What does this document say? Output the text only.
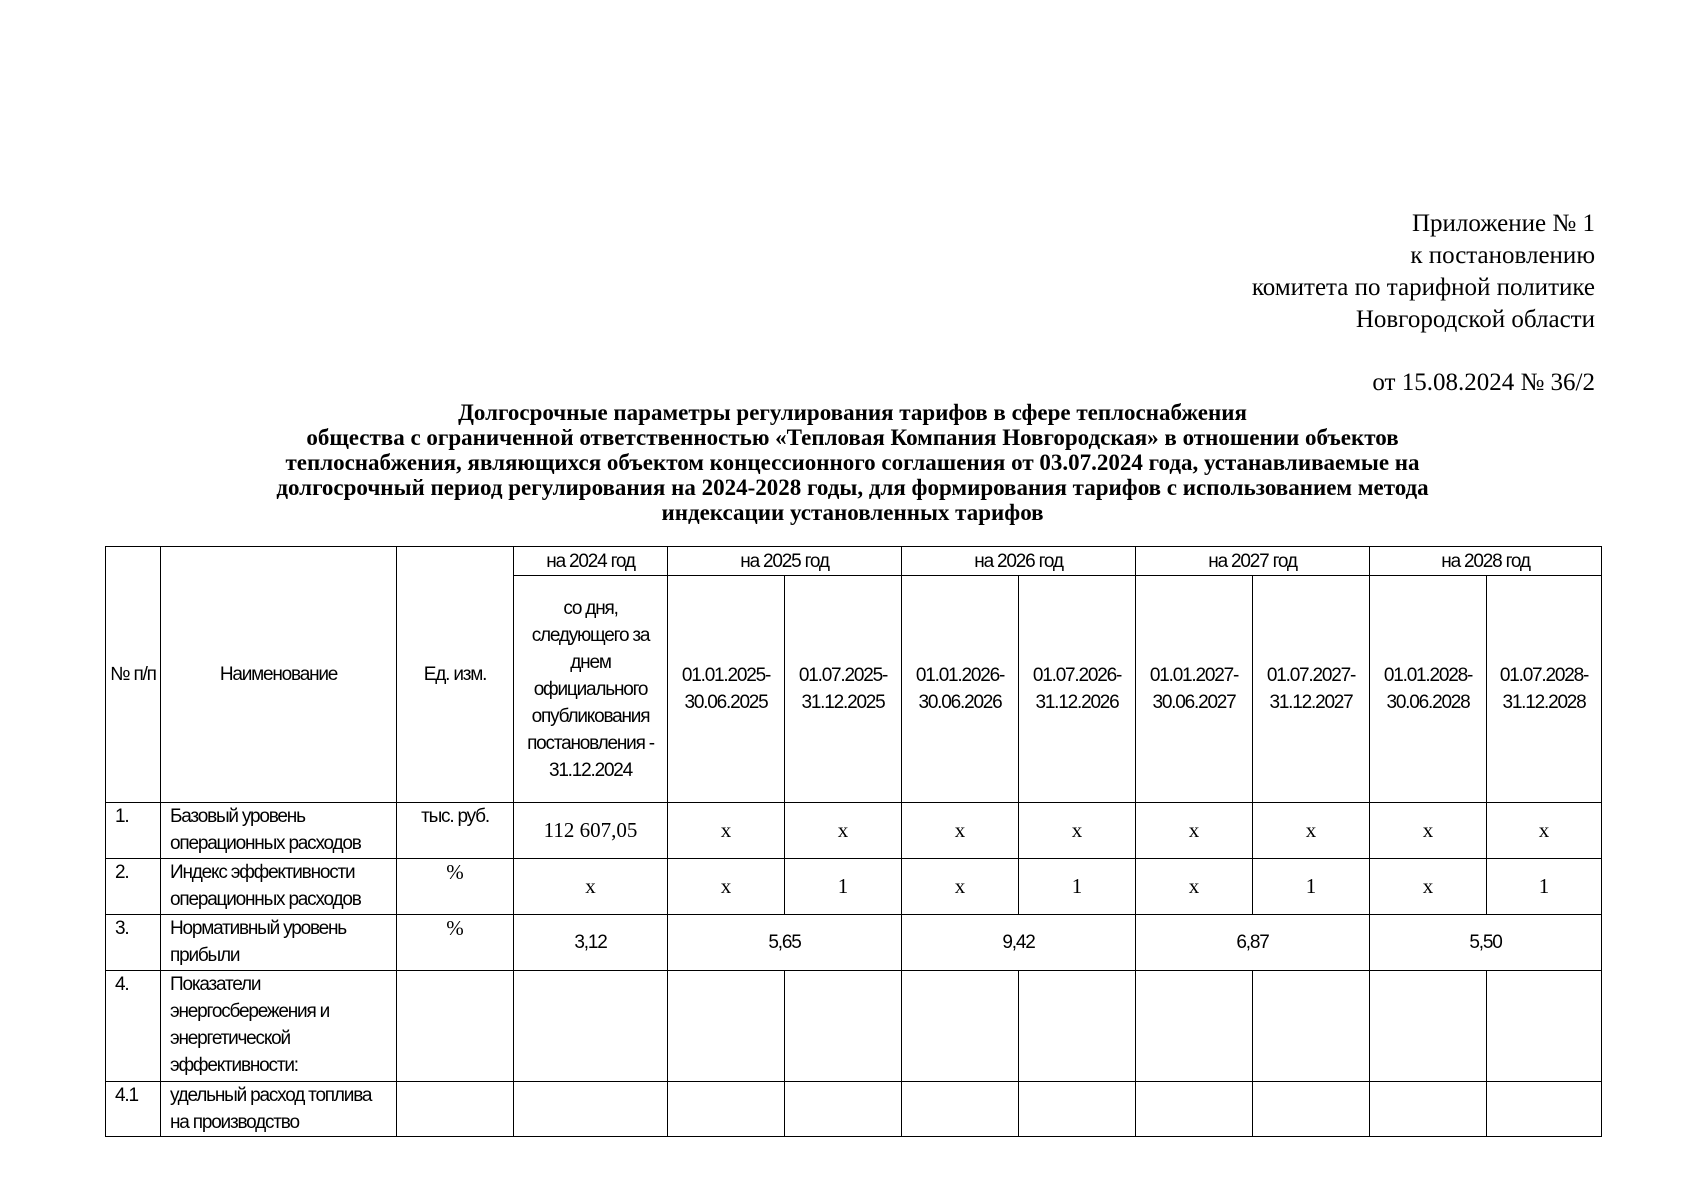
Приложение № 1
к постановлению
комитета по тарифной политике
Новгородской области
от 15.08.2024 № 36/2
Долгосрочные параметры регулирования тарифов в сфере теплоснабжения
общества с ограниченной ответственностью «Тепловая Компания Новгородская» в отношении объектов
теплоснабжения, являющихся объектом концессионного соглашения от 03.07.2024 года, устанавливаемые на
долгосрочный период регулирования на 2024-2028 годы, для формирования тарифов с использованием метода
индексации установленных тарифов
№ п/п	Наименование	Ед. изм.	на 2024 год	на 2025 год		на 2026 год		на 2027 год		на 2028 год	
			со дня, следующего за днем официального опубликования постановления - 31.12.2024	01.01.2025-30.06.2025	01.07.2025-31.12.2025	01.01.2026-30.06.2026	01.07.2026-31.12.2026	01.01.2027-30.06.2027	01.07.2027-31.12.2027	01.01.2028-30.06.2028	01.07.2028-31.12.2028
1.	Базовый уровень операционных расходов	тыс. руб.	112 607,05	х	х	х	х	х	х	х	х
2.	Индекс эффективности операционных расходов	%	х	х	1	х	1	х	1	х	1
3.	Нормативный уровень прибыли	%	3,12	5,65		9,42		6,87		5,50	
4.	Показатели энергосбережения и энергетической эффективности:										
4.1	удельный расход топлива на производство										
